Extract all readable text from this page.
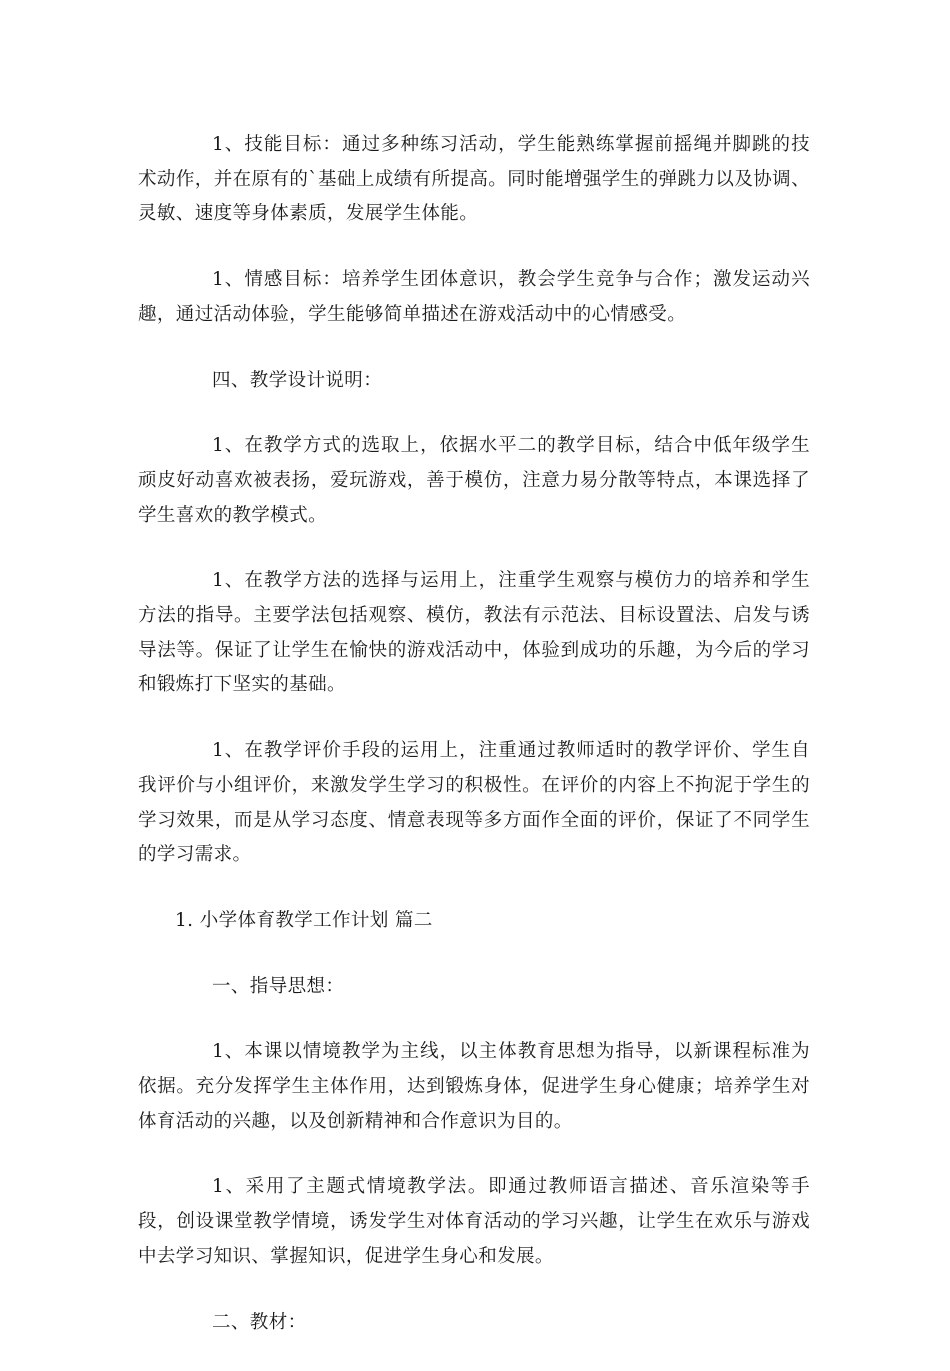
1、技能目标：通过多种练习活动，学生能熟练掌握前摇绳并脚跳的技术动作，并在原有的`基础上成绩有所提高。同时能增强学生的弹跳力以及协调、灵敏、速度等身体素质，发展学生体能。

1、情感目标：培养学生团体意识，教会学生竞争与合作；激发运动兴趣，通过活动体验，学生能够简单描述在游戏活动中的心情感受。

四、教学设计说明：

1、在教学方式的选取上，依据水平二的教学目标，结合中低年级学生顽皮好动喜欢被表扬，爱玩游戏，善于模仿，注意力易分散等特点，本课选择了学生喜欢的教学模式。

1、在教学方法的选择与运用上，注重学生观察与模仿力的培养和学生方法的指导。主要学法包括观察、模仿，教法有示范法、目标设置法、启发与诱导法等。保证了让学生在愉快的游戏活动中，体验到成功的乐趣，为今后的学习和锻炼打下坚实的基础。

1、在教学评价手段的运用上，注重通过教师适时的教学评价、学生自我评价与小组评价，来激发学生学习的积极性。在评价的内容上不拘泥于学生的学习效果，而是从学习态度、情意表现等多方面作全面的评价，保证了不同学生的学习需求。

1. 小学体育教学工作计划 篇二

一、指导思想：

1、本课以情境教学为主线，以主体教育思想为指导，以新课程标准为依据。充分发挥学生主体作用，达到锻炼身体，促进学生身心健康；培养学生对体育活动的兴趣，以及创新精神和合作意识为目的。

1、采用了主题式情境教学法。即通过教师语言描述、音乐渲染等手段，创设课堂教学情境，诱发学生对体育活动的学习兴趣，让学生在欢乐与游戏中去学习知识、掌握知识，促进学生身心和发展。

二、教材：
